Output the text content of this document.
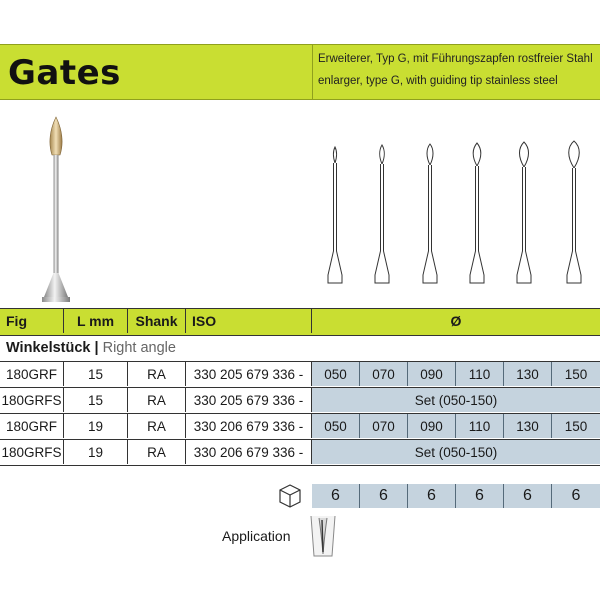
Gates	Erweiterer, Typ G, mit Führungszapfen rostfreier Stahl
enlarger, type G, with guiding tip stainless steel
Fig	L mm	Shank	ISO	Ø
Winkelstück | Right angle
180GRF	15	RA	330 205 679 336 -	050	070	090	110	130	150
180GRFS	15	RA	330 205 679 336 -	Set (050-150)
180GRF	19	RA	330 206 679 336 -	050	070	090	110	130	150
180GRFS	19	RA	330 206 679 336 -	Set (050-150)
6	6	6	6	6	6
Application
